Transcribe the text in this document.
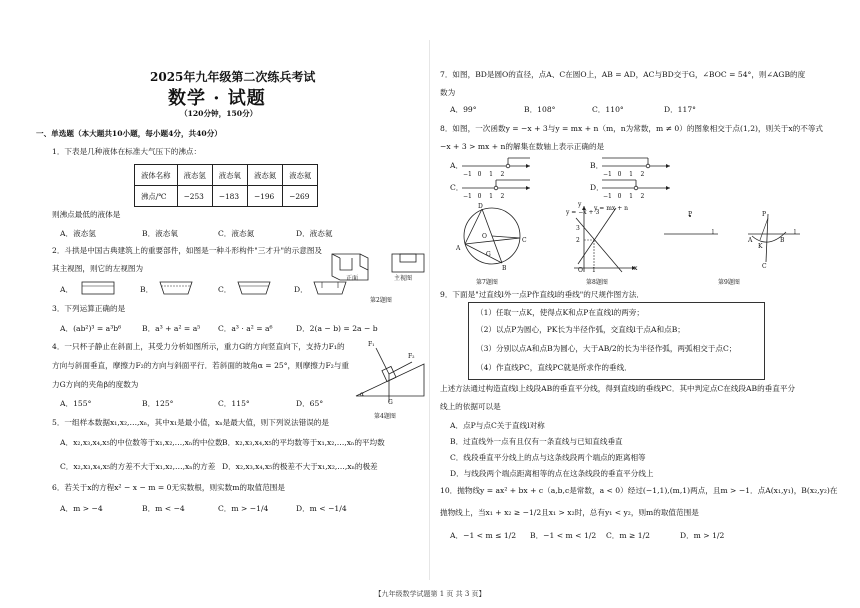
2025年九年级第二次练兵考试
数学 · 试题
（120分钟，150分）
一、单选题（本大题共10小题，每小题4分，共40分）
1．下表是几种液体在标准大气压下的沸点：
液体名称	液态氢	液态氧	液态氮	液态氦
沸点/℃	−253	−183	−196	−269
则沸点最低的液体是
A．液态氢	B．液态氧	C．液态氮	D．液态氦
2．斗拱是中国古典建筑上的重要部件，如图是一种斗形构件"三才升"的示意图及
其主视图，则它的左视图为
正面	主视图
第2题图
A．	B．	C．	D．
3．下列运算正确的是
A．(ab²)³ = a³b⁶	B．a³ + a² = a⁵ C．a³ · a² = a⁶	D．2(a − b) = 2a − b
4．一只杯子静止在斜面上，其受力分析如图所示，重力G的方向竖直向下，支持力F₁的
方向与斜面垂直，摩擦力F₂的方向与斜面平行．若斜面的坡角α = 25°，则摩擦力F₂与重
力G方向的夹角β的度数为
A．155°	B．125°	C．115°	D．65°
F₁
F₂
α
G
第4题图
5．一组样本数据x₁,x₂,…,xₙ，其中x₁是最小值，xₙ是最大值，则下列说法错误的是
A．x₂,x₃,x₄,x₅的中位数等于x₁,x₂,…,xₙ的中位数 B．x₂,x₃,x₄,x₅的平均数等于x₁,x₂,…,xₙ的平均数
C．x₂,x₃,x₄,x₅的方差不大于x₁,x₂,…,xₙ的方差 D．x₂,x₃,x₄,x₅的极差不大于x₁,x₂,…,xₙ的极差
6．若关于x的方程x² − x − m = 0无实数根，则实数m的取值范围是
A．m > −4	B．m < −4	C．m > −1/4	D．m < −1/4
7．如图，BD是圆O的直径，点A、C在圆O上，AB = AD，AC与BD交于G，∠BOC = 54°，则∠AGB的度
数为
A．99°	B．108°	C．110°	D．117°
8．如图，一次函数y = −x + 3与y = mx + n（m，n为常数，m ≠ 0）的图象相交于点(1,2)，则关于x的不等式
−x + 3 > mx + n的解集在数轴上表示正确的是
A．
−1 0 1 2
B．
−1 0 1 2
C．
−1 0 1 2
D．
−1 0 1 2
D
O
A
C
G
B
第7题图
y = −x + 3
y = mx + n
y
x
O 1
2
3
第8题图
P
l
P
A
K
B
l
C
第9题图
9．下面是"过直线l外一点P作直线l的垂线"的尺规作图方法．
（1）任取一点K，使得点K和点P在直线l的两旁；
（2）以点P为圆心，PK长为半径作弧，交直线l于点A和点B；
（3）分别以点A和点B为圆心，大于AB/2的长为半径作弧，两弧相交于点C；
（4）作直线PC，直线PC就是所求作的垂线．
上述方法通过构造直线l上线段AB的垂直平分线，得到直线l的垂线PC．其中判定点C在线段AB的垂直平分
线上的依据可以是
A．点P与点C关于直线l对称
B．过直线外一点有且仅有一条直线与已知直线垂直
C．线段垂直平分线上的点与这条线段两个端点的距离相等
D．与线段两个端点距离相等的点在这条线段的垂直平分线上
10．抛物线y = ax² + bx + c（a,b,c是常数，a < 0）经过(−1,1),(m,1)两点，且m > −1．点A(x₁,y₁)，B(x₂,y₂)在
抛物线上，当x₁ + x₂ ≥ −1/2且x₁ > x₂时，总有y₁ < y₂，则m的取值范围是
A．−1 < m ≤ 1/2 B．−1 < m < 1/2 C．m ≥ 1/2	D．m > 1/2
【九年级数学试题第 1 页 共 3 页】
